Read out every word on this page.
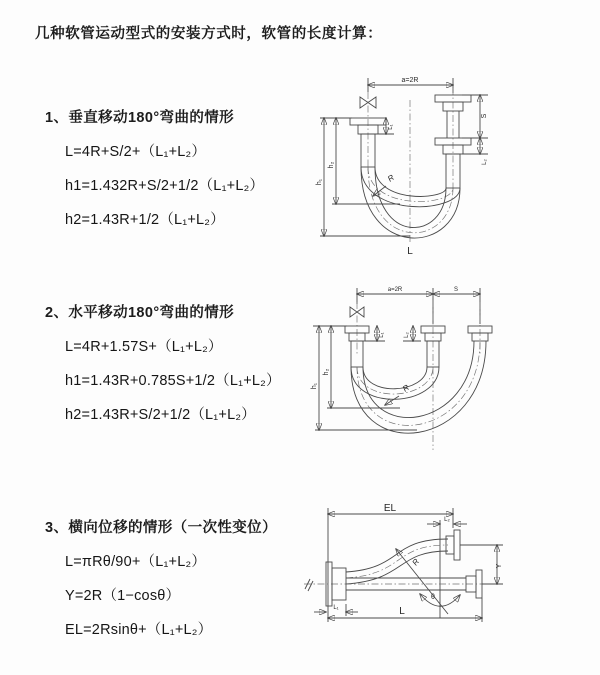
几种软管运动型式的安装方式时，软管的长度计算：
1、垂直移动180°弯曲的情形
L=4R+S/2+（L₁+L₂）
h1=1.432R+S/2+1/2（L₁+L₂）
h2=1.43R+1/2（L₁+L₂）
2、水平移动180°弯曲的情形
L=4R+1.57S+（L₁+L₂）
h1=1.43R+0.785S+1/2（L₁+L₂）
h2=1.43R+S/2+1/2（L₁+L₂）
3、横向位移的情形（一次性变位）
L=πRθ/90+（L₁+L₂）
Y=2R（1−cosθ）
EL=2Rsinθ+（L₁+L₂）
a=2R
S
L₂
L₁
h₁
h₂
R
L
a=2R	S
L₁	L₂
h₁
h₂
R
EL
L₂
R
θ
Y
L
L₁
